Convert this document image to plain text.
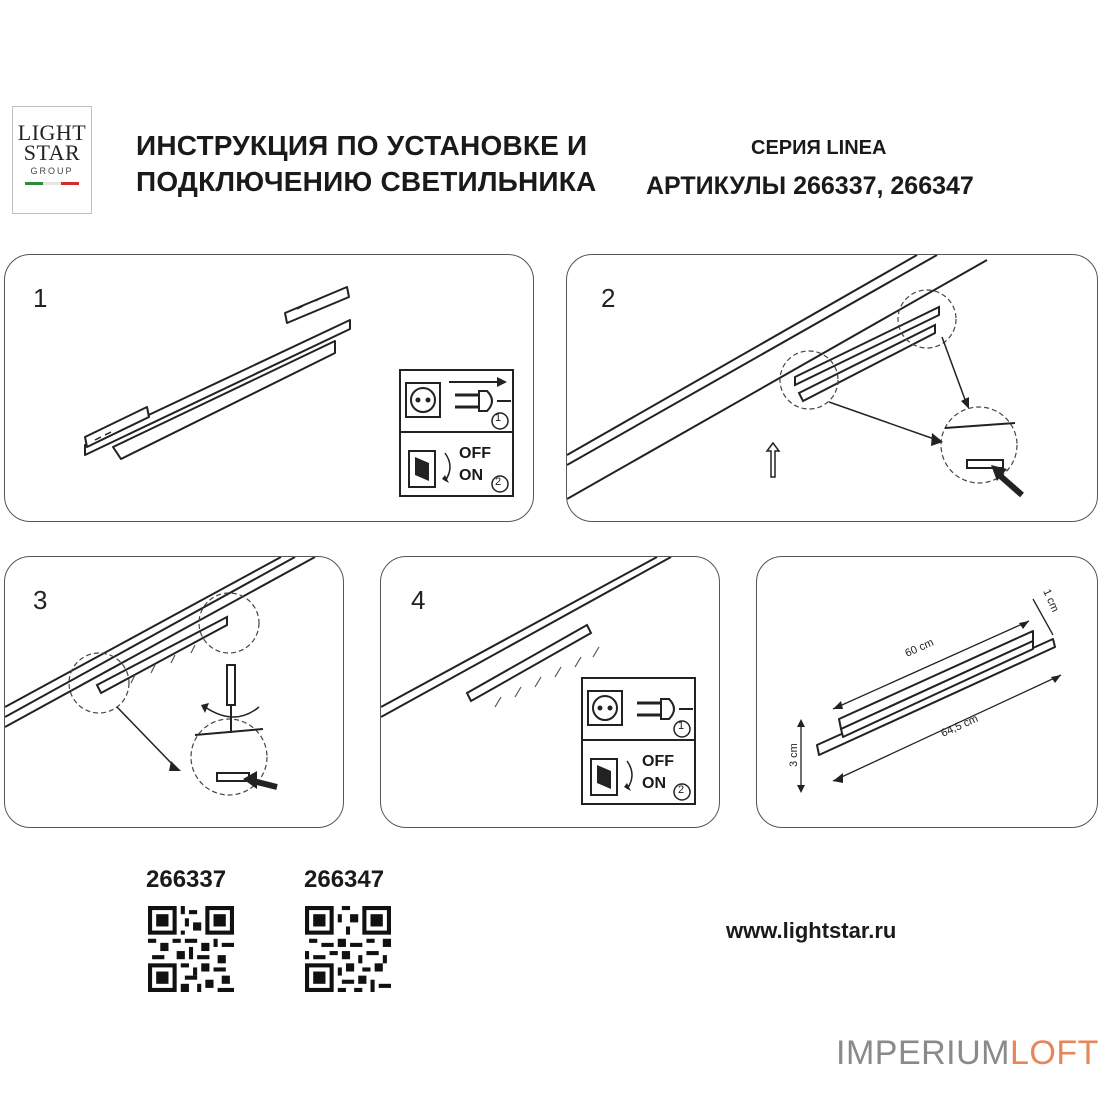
LIGHT
STAR
GROUP
ИНСТРУКЦИЯ ПО УСТАНОВКЕ И
ПОДКЛЮЧЕНИЮ СВЕТИЛЬНИКА
СЕРИЯ LINEA
АРТИКУЛЫ 266337, 266347
1
OFF
ON
1
2
2
3	4
OFF
ON
1
2
60 cm
64,5 cm
3 cm
1 cm
266337	266347
www.lightstar.ru
IMPERIUMLOFT
